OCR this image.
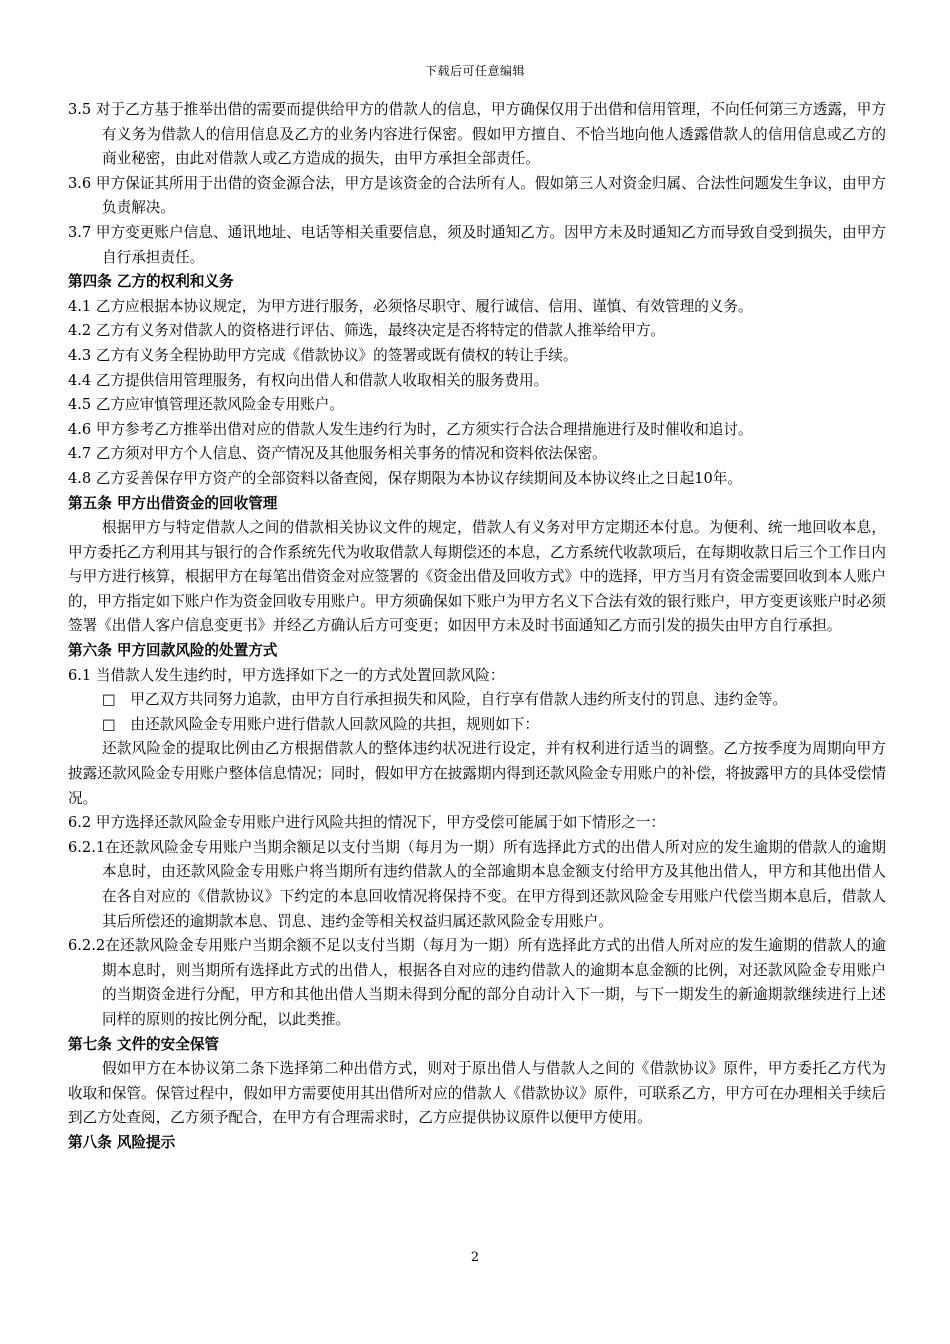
下载后可任意编辑

3.5 对于乙方基于推举出借的需要而提供给甲方的借款人的信息，甲方确保仅用于出借和信用管理，不向任何第三方透露，甲方有义务为借款人的信用信息及乙方的业务内容进行保密。假如甲方擅自、不恰当地向他人透露借款人的信用信息或乙方的商业秘密，由此对借款人或乙方造成的损失，由甲方承担全部责任。

3.6 甲方保证其所用于出借的资金源合法，甲方是该资金的合法所有人。假如第三人对资金归属、合法性问题发生争议，由甲方负责解决。

3.7 甲方变更账户信息、通讯地址、电话等相关重要信息，须及时通知乙方。因甲方未及时通知乙方而导致自受到损失，由甲方自行承担责任。

第四条 乙方的权利和义务

4.1 乙方应根据本协议规定，为甲方进行服务，必须恪尽职守、履行诚信、信用、谨慎、有效管理的义务。

4.2 乙方有义务对借款人的资格进行评估、筛选，最终决定是否将特定的借款人推举给甲方。

4.3 乙方有义务全程协助甲方完成《借款协议》的签署或既有债权的转让手续。

4.4 乙方提供信用管理服务，有权向出借人和借款人收取相关的服务费用。

4.5 乙方应审慎管理还款风险金专用账户。

4.6 甲方参考乙方推举出借对应的借款人发生违约行为时，乙方须实行合法合理措施进行及时催收和追讨。

4.7 乙方须对甲方个人信息、资产情况及其他服务相关事务的情况和资料依法保密。

4.8 乙方妥善保存甲方资产的全部资料以备查阅，保存期限为本协议存续期间及本协议终止之日起10年。

第五条 甲方出借资金的回收管理

根据甲方与特定借款人之间的借款相关协议文件的规定，借款人有义务对甲方定期还本付息。为便利、统一地回收本息，甲方委托乙方利用其与银行的合作系统先代为收取借款人每期偿还的本息，乙方系统代收款项后，在每期收款日后三个工作日内与甲方进行核算，根据甲方在每笔出借资金对应签署的《资金出借及回收方式》中的选择，甲方当月有资金需要回收到本人账户的，甲方指定如下账户作为资金回收专用账户。甲方须确保如下账户为甲方名义下合法有效的银行账户，甲方变更该账户时必须签署《出借人客户信息变更书》并经乙方确认后方可变更；如因甲方未及时书面通知乙方而引发的损失由甲方自行承担。

第六条 甲方回款风险的处置方式

6.1 当借款人发生违约时，甲方选择如下之一的方式处置回款风险：

□　甲乙双方共同努力追款，由甲方自行承担损失和风险，自行享有借款人违约所支付的罚息、违约金等。

□　由还款风险金专用账户进行借款人回款风险的共担，规则如下：

还款风险金的提取比例由乙方根据借款人的整体违约状况进行设定，并有权利进行适当的调整。乙方按季度为周期向甲方披露还款风险金专用账户整体信息情况；同时，假如甲方在披露期内得到还款风险金专用账户的补偿，将披露甲方的具体受偿情况。

6.2 甲方选择还款风险金专用账户进行风险共担的情况下，甲方受偿可能属于如下情形之一：

6.2.1在还款风险金专用账户当期余额足以支付当期（每月为一期）所有选择此方式的出借人所对应的发生逾期的借款人的逾期本息时，由还款风险金专用账户将当期所有违约借款人的全部逾期本息金额支付给甲方及其他出借人，甲方和其他出借人在各自对应的《借款协议》下约定的本息回收情况将保持不变。在甲方得到还款风险金专用账户代偿当期本息后，借款人其后所偿还的逾期款本息、罚息、违约金等相关权益归属还款风险金专用账户。

6.2.2在还款风险金专用账户当期余额不足以支付当期（每月为一期）所有选择此方式的出借人所对应的发生逾期的借款人的逾期本息时，则当期所有选择此方式的出借人，根据各自对应的违约借款人的逾期本息金额的比例，对还款风险金专用账户的当期资金进行分配，甲方和其他出借人当期未得到分配的部分自动计入下一期，与下一期发生的新逾期款继续进行上述同样的原则的按比例分配，以此类推。

第七条 文件的安全保管

假如甲方在本协议第二条下选择第二种出借方式，则对于原出借人与借款人之间的《借款协议》原件，甲方委托乙方代为收取和保管。保管过程中，假如甲方需要使用其出借所对应的借款人《借款协议》原件，可联系乙方，甲方可在办理相关手续后到乙方处查阅，乙方须予配合，在甲方有合理需求时，乙方应提供协议原件以便甲方使用。

第八条 风险提示

2
